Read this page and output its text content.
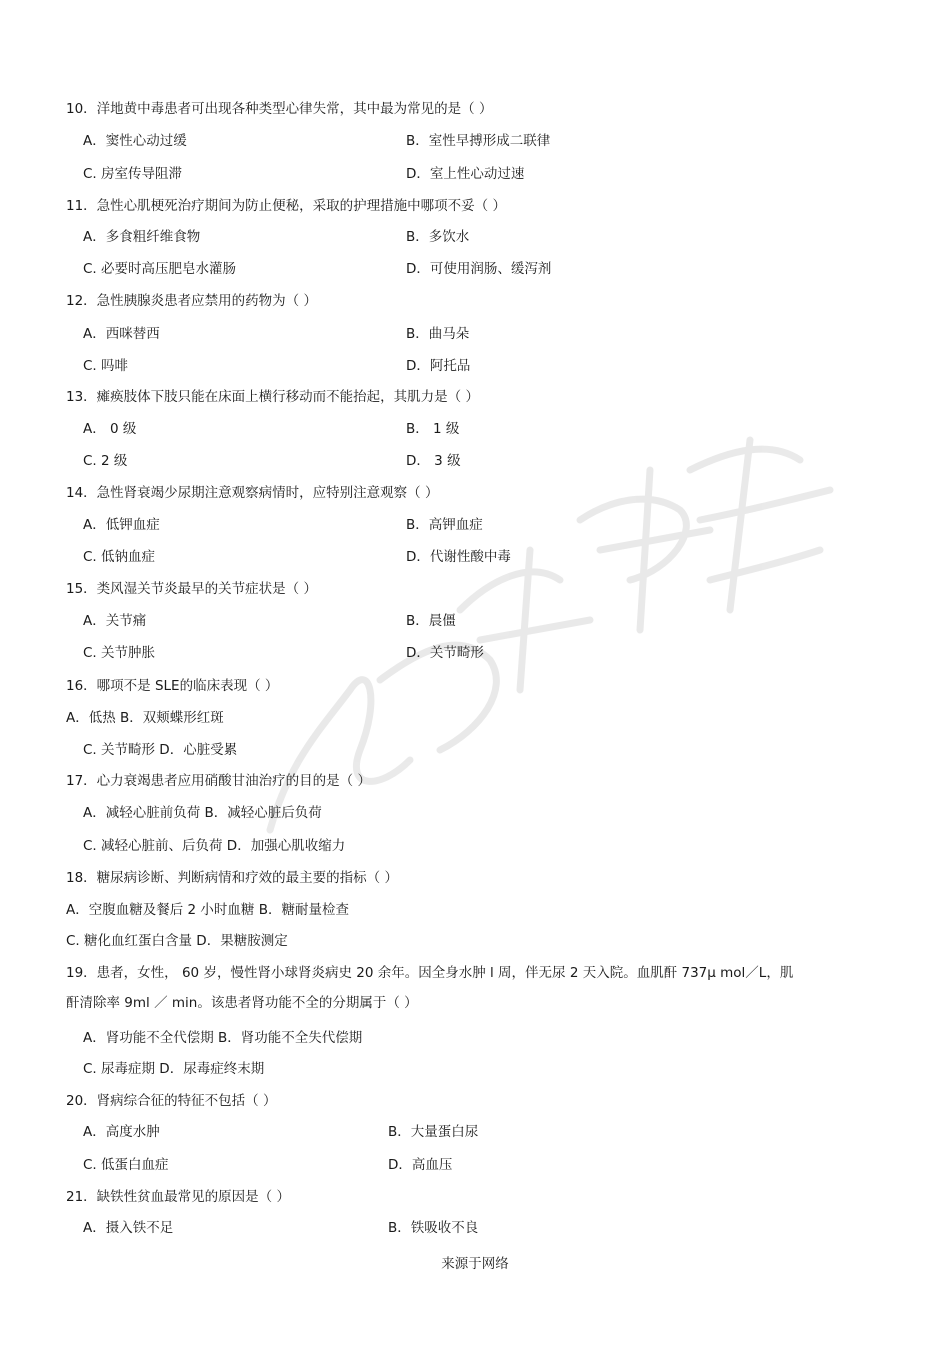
10．洋地黄中毒患者可出现各种类型心律失常，其中最为常见的是（ ）
A．窦性心动过缓	B．室性早搏形成二联律
C. 房室传导阻滞	D．室上性心动过速
11．急性心肌梗死治疗期间为防止便秘，采取的护理措施中哪项不妥（ ）
A．多食粗纤维食物	B．多饮水
C. 必要时高压肥皂水灌肠	D．可使用润肠、缓泻剂
12．急性胰腺炎患者应禁用的药物为（ ）
A．西咪替西	B．曲马朵
C. 吗啡	D．阿托品
13．瘫痪肢体下肢只能在床面上横行移动而不能抬起，其肌力是（ ）
A． 0 级	B． 1 级
C. 2 级	D． 3 级
14．急性肾衰竭少尿期注意观察病情时，应特别注意观察（ ）
A．低钾血症	B．高钾血症
C. 低钠血症	D．代谢性酸中毒
15．类风湿关节炎最早的关节症状是（ ）
A．关节痛	B．晨僵
C. 关节肿胀	D．关节畸形
16．哪项不是 SLE的临床表现（ ）
A．低热 B．双颊蝶形红斑
C. 关节畸形 D．心脏受累
17．心力衰竭患者应用硝酸甘油治疗的目的是（ ）
A．减轻心脏前负荷 B．减轻心脏后负荷
C. 减轻心脏前、后负荷 D．加强心肌收缩力
18．糖尿病诊断、判断病情和疗效的最主要的指标（ ）
A．空腹血糖及餐后 2 小时血糖 B．糖耐量检查
C. 糖化血红蛋白含量 D．果糖胺测定
19．患者，女性， 60 岁，慢性肾小球肾炎病史 20 余年。因全身水肿 l 周，伴无尿 2 天入院。血肌酐 737μ mol／L，肌
酐清除率 9ml ／ min。该患者肾功能不全的分期属于（ ）
A．肾功能不全代偿期 B．肾功能不全失代偿期
C. 尿毒症期 D．尿毒症终末期
20．肾病综合征的特征不包括（ ）
A．高度水肿	B．大量蛋白尿
C. 低蛋白血症	D．高血压
21．缺铁性贫血最常见的原因是（ ）
A．摄入铁不足	B．铁吸收不良
来源于网络
